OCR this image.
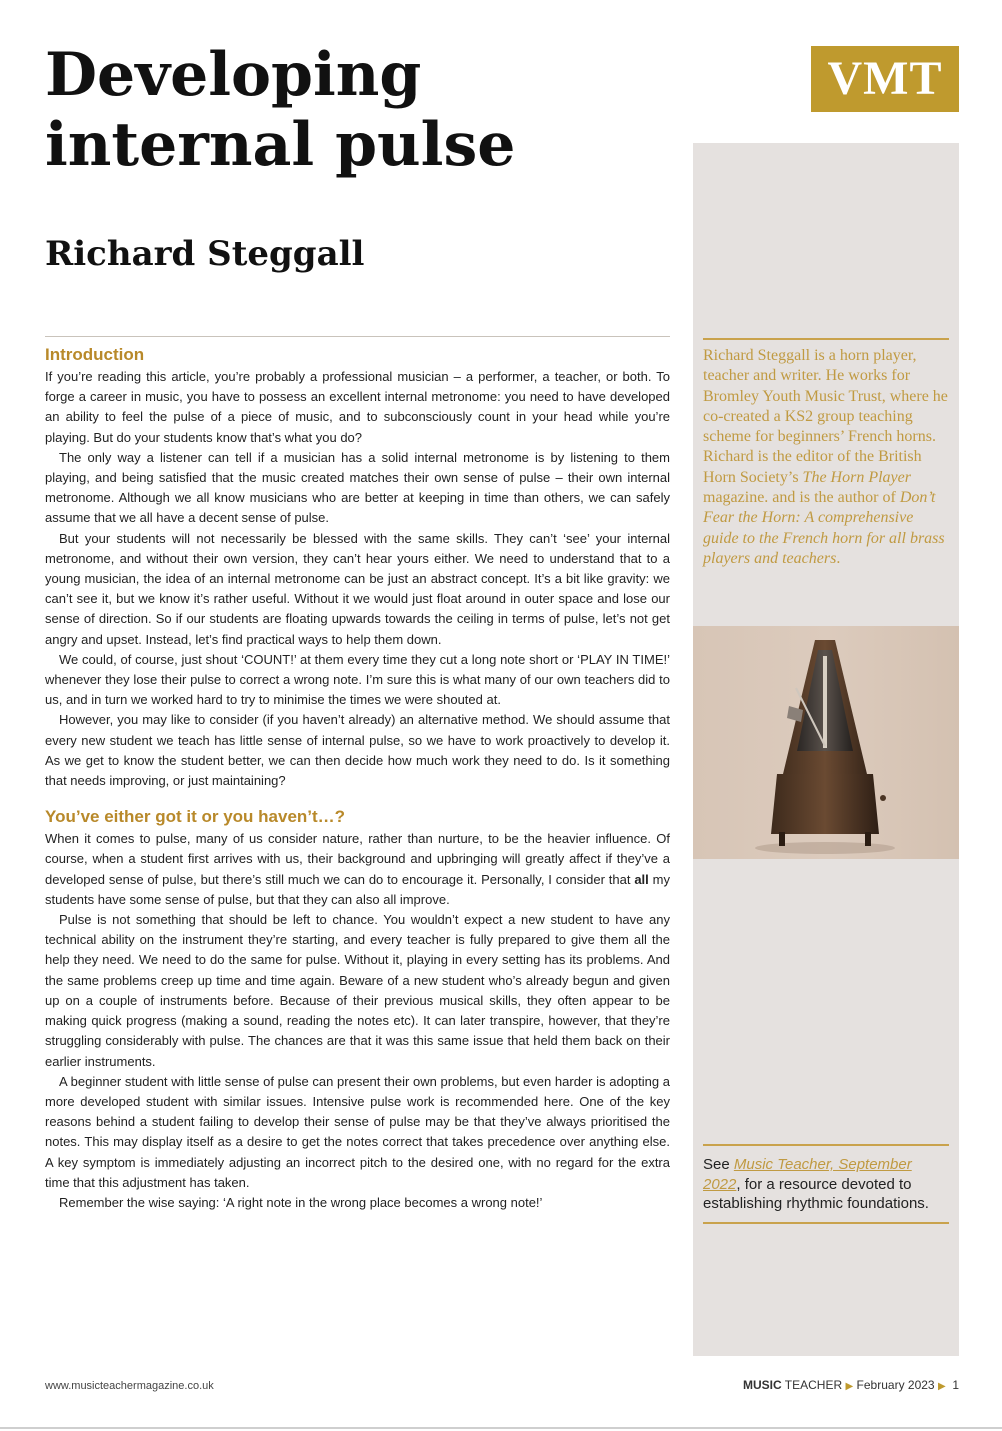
Developing internal pulse
Richard Steggall
VMT
Introduction

If you’re reading this article, you’re probably a professional musician – a performer, a teacher, or both. To forge a career in music, you have to possess an excellent internal metronome: you need to have developed an ability to feel the pulse of a piece of music, and to subconsciously count in your head while you’re playing. But do your students know that’s what you do?

The only way a listener can tell if a musician has a solid internal metronome is by listening to them playing, and being satisfied that the music created matches their own sense of pulse – their own internal metronome. Although we all know musicians who are better at keeping in time than others, we can safely assume that we all have a decent sense of pulse.

But your students will not necessarily be blessed with the same skills. They can’t ‘see’ your internal metronome, and without their own version, they can’t hear yours either. We need to understand that to a young musician, the idea of an internal metronome can be just an abstract concept. It’s a bit like gravity: we can’t see it, but we know it’s rather useful. Without it we would just float around in outer space and lose our sense of direction. So if our students are floating upwards towards the ceiling in terms of pulse, let’s not get angry and upset. Instead, let’s find practical ways to help them down.

We could, of course, just shout ‘COUNT!’ at them every time they cut a long note short or ‘PLAY IN TIME!’ whenever they lose their pulse to correct a wrong note. I’m sure this is what many of our own teachers did to us, and in turn we worked hard to try to minimise the times we were shouted at.

However, you may like to consider (if you haven’t already) an alternative method. We should assume that every new student we teach has little sense of internal pulse, so we have to work proactively to develop it. As we get to know the student better, we can then decide how much work they need to do. Is it something that needs improving, or just maintaining?

You’ve either got it or you haven’t…?

When it comes to pulse, many of us consider nature, rather than nurture, to be the heavier influence. Of course, when a student first arrives with us, their background and upbringing will greatly affect if they’ve a developed sense of pulse, but there’s still much we can do to encourage it. Personally, I consider that all my students have some sense of pulse, but that they can also all improve.

Pulse is not something that should be left to chance. You wouldn’t expect a new student to have any technical ability on the instrument they’re starting, and every teacher is fully prepared to give them all the help they need. We need to do the same for pulse. Without it, playing in every setting has its problems. And the same problems creep up time and time again. Beware of a new student who’s already begun and given up on a couple of instruments before. Because of their previous musical skills, they often appear to be making quick progress (making a sound, reading the notes etc). It can later transpire, however, that they’re struggling considerably with pulse. The chances are that it was this same issue that held them back on their earlier instruments.

A beginner student with little sense of pulse can present their own problems, but even harder is adopting a more developed student with similar issues. Intensive pulse work is recommended here. One of the key reasons behind a student failing to develop their sense of pulse may be that they’ve always prioritised the notes. This may display itself as a desire to get the notes correct that takes precedence over anything else. A key symptom is immediately adjusting an incorrect pitch to the desired one, with no regard for the extra time that this adjustment has taken.

Remember the wise saying: ‘A right note in the wrong place becomes a wrong note!’

Richard Steggall is a horn player, teacher and writer. He works for Bromley Youth Music Trust, where he co-created a KS2 group teaching scheme for beginners’ French horns. Richard is the editor of the British Horn Society’s The Horn Player magazine. and is the author of Don’t Fear the Horn: A comprehensive guide to the French horn for all brass players and teachers.

See Music Teacher, September 2022, for a resource devoted to establishing rhythmic foundations.

www.musicteachermagazine.co.uk	MUSIC TEACHER ▶ February 2023 ▶ 1
